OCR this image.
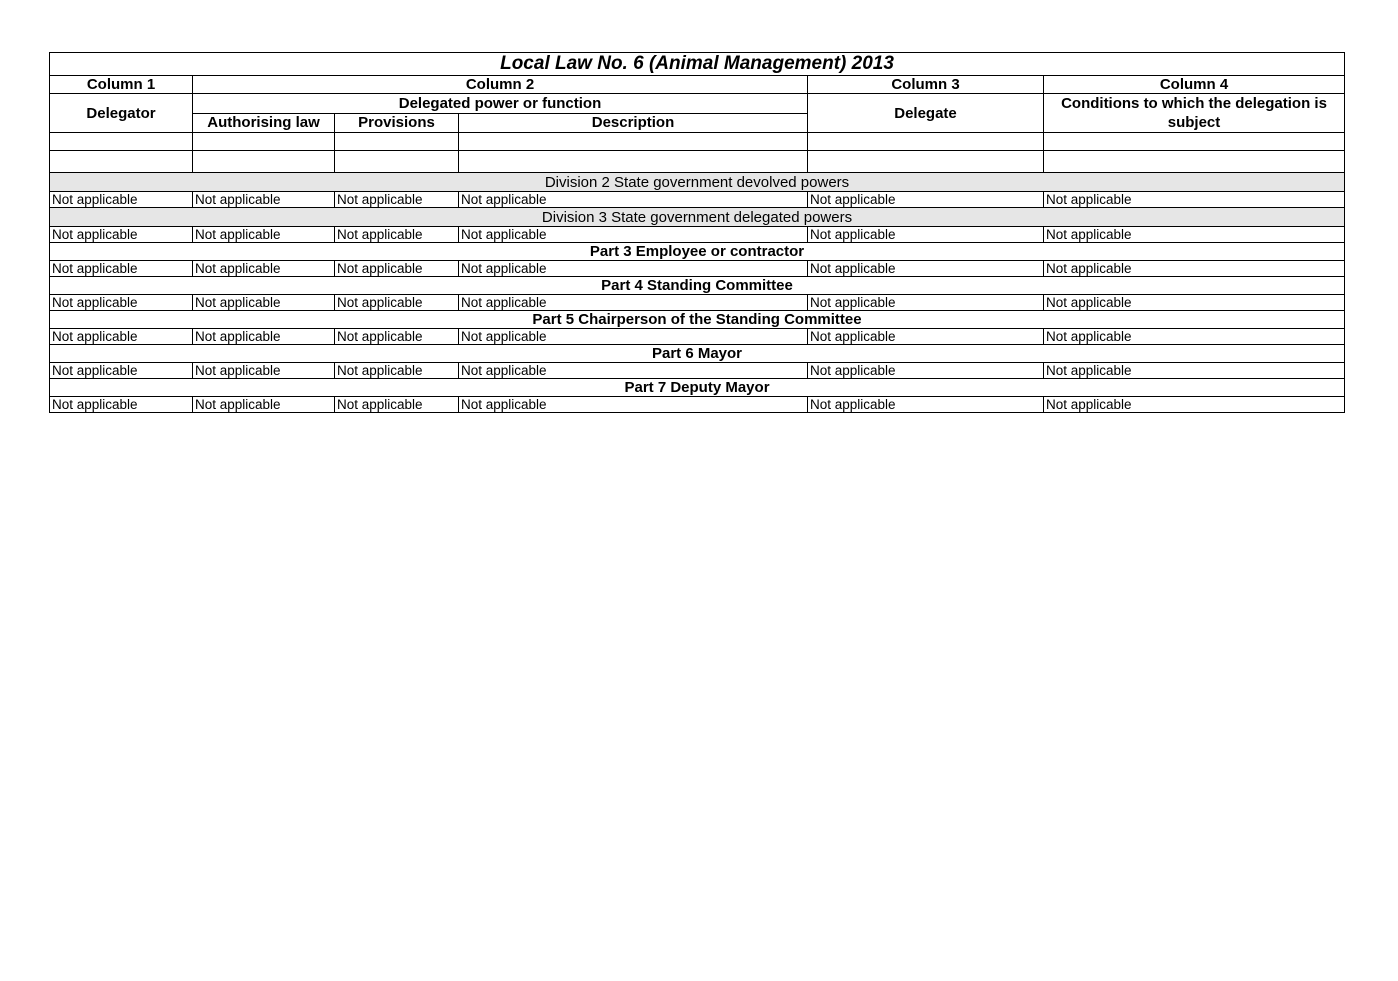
Local Law No. 6 (Animal Management) 2013					
Column 1	Column 2			Column 3	Column 4
Delegator	Delegated power or function			Delegate	Conditions to which the delegation is subject
	Authorising law	Provisions	Description		

Division 2 State government devolved powers					
Not applicable	Not applicable	Not applicable	Not applicable	Not applicable	Not applicable
Division 3 State government delegated powers					
Not applicable	Not applicable	Not applicable	Not applicable	Not applicable	Not applicable
Part 3 Employee or contractor					
Not applicable	Not applicable	Not applicable	Not applicable	Not applicable	Not applicable
Part 4 Standing Committee					
Not applicable	Not applicable	Not applicable	Not applicable	Not applicable	Not applicable
Part 5 Chairperson of the Standing Committee					
Not applicable	Not applicable	Not applicable	Not applicable	Not applicable	Not applicable
Part 6 Mayor					
Not applicable	Not applicable	Not applicable	Not applicable	Not applicable	Not applicable
Part 7 Deputy Mayor					
Not applicable	Not applicable	Not applicable	Not applicable	Not applicable	Not applicable
